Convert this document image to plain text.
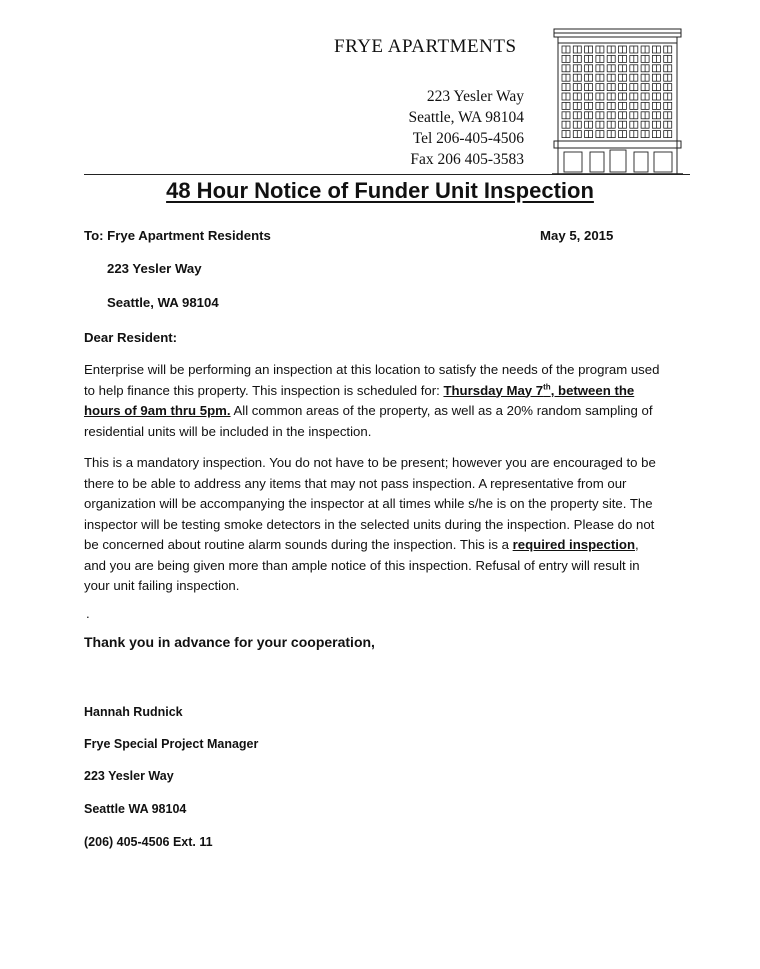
FRYE APARTMENTS
223 Yesler Way
Seattle, WA 98104
Tel 206-405-4506
Fax 206 405-3583
48 Hour Notice of Funder Unit Inspection
To: Frye Apartment Residents	May 5, 2015
223 Yesler Way
Seattle, WA 98104
Dear Resident:
Enterprise will be performing an inspection at this location to satisfy the needs of the program used to help finance this property. This inspection is scheduled for: Thursday May 7th, between the hours of 9am thru 5pm. All common areas of the property, as well as a 20% random sampling of residential units will be included in the inspection.
This is a mandatory inspection. You do not have to be present; however you are encouraged to be there to be able to address any items that may not pass inspection. A representative from our organization will be accompanying the inspector at all times while s/he is on the property site. The inspector will be testing smoke detectors in the selected units during the inspection. Please do not be concerned about routine alarm sounds during the inspection. This is a required inspection, and you are being given more than ample notice of this inspection. Refusal of entry will result in your unit failing inspection.
.
Thank you in advance for your cooperation,
Hannah Rudnick
Frye Special Project Manager
223 Yesler Way
Seattle WA 98104
(206) 405-4506 Ext. 11
